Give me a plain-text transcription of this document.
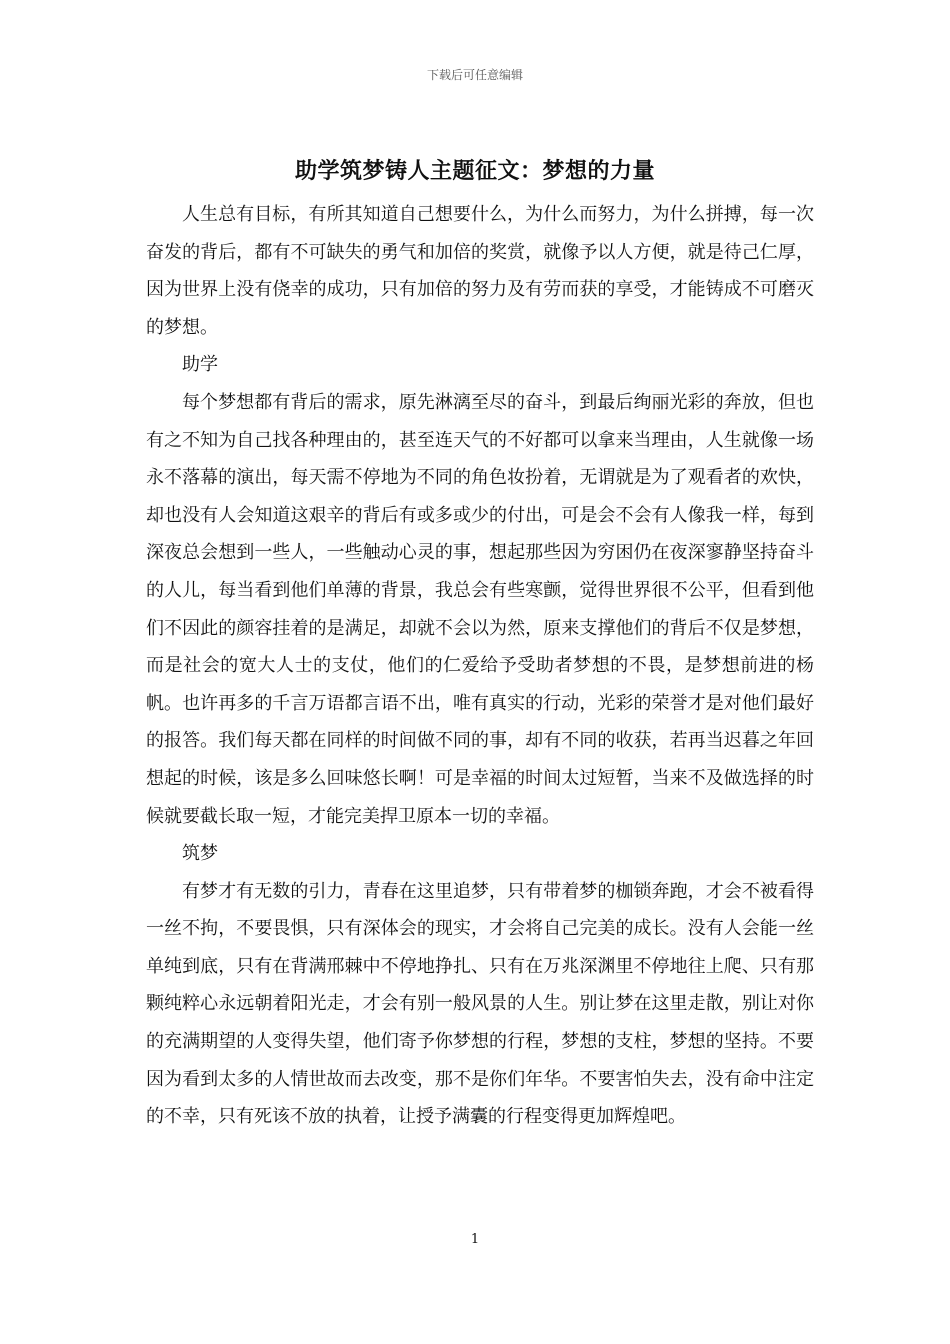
下载后可任意编辑
助学筑梦铸人主题征文：梦想的力量

人生总有目标，有所其知道自己想要什么，为什么而努力，为什么拼搏，每一次奋发的背后，都有不可缺失的勇气和加倍的奖赏，就像予以人方便，就是待己仁厚，因为世界上没有侥幸的成功，只有加倍的努力及有劳而获的享受，才能铸成不可磨灭的梦想。

助学

每个梦想都有背后的需求，原先淋漓至尽的奋斗，到最后绚丽光彩的奔放，但也有之不知为自己找各种理由的，甚至连天气的不好都可以拿来当理由，人生就像一场永不落幕的演出，每天需不停地为不同的角色妆扮着，无谓就是为了观看者的欢快，却也没有人会知道这艰辛的背后有或多或少的付出，可是会不会有人像我一样，每到深夜总会想到一些人，一些触动心灵的事，想起那些因为穷困仍在夜深寥静坚持奋斗的人儿，每当看到他们单薄的背景，我总会有些寒颤，觉得世界很不公平，但看到他们不因此的颜容挂着的是满足，却就不会以为然，原来支撑他们的背后不仅是梦想，而是社会的宽大人士的支仗，他们的仁爱给予受助者梦想的不畏，是梦想前进的杨帆。也许再多的千言万语都言语不出，唯有真实的行动，光彩的荣誉才是对他们最好的报答。我们每天都在同样的时间做不同的事，却有不同的收获，若再当迟暮之年回想起的时候，该是多么回味悠长啊！可是幸福的时间太过短暂，当来不及做选择的时候就要截长取一短，才能完美捍卫原本一切的幸福。

筑梦

有梦才有无数的引力，青春在这里追梦，只有带着梦的枷锁奔跑，才会不被看得一丝不拘，不要畏惧，只有深体会的现实，才会将自己完美的成长。没有人会能一丝单纯到底，只有在背满邢棘中不停地挣扎、只有在万兆深渊里不停地往上爬、只有那颗纯粹心永远朝着阳光走，才会有别一般风景的人生。别让梦在这里走散，别让对你的充满期望的人变得失望，他们寄予你梦想的行程，梦想的支柱，梦想的坚持。不要因为看到太多的人情世故而去改变，那不是你们年华。不要害怕失去，没有命中注定的不幸，只有死该不放的执着，让授予满囊的行程变得更加辉煌吧。

1
